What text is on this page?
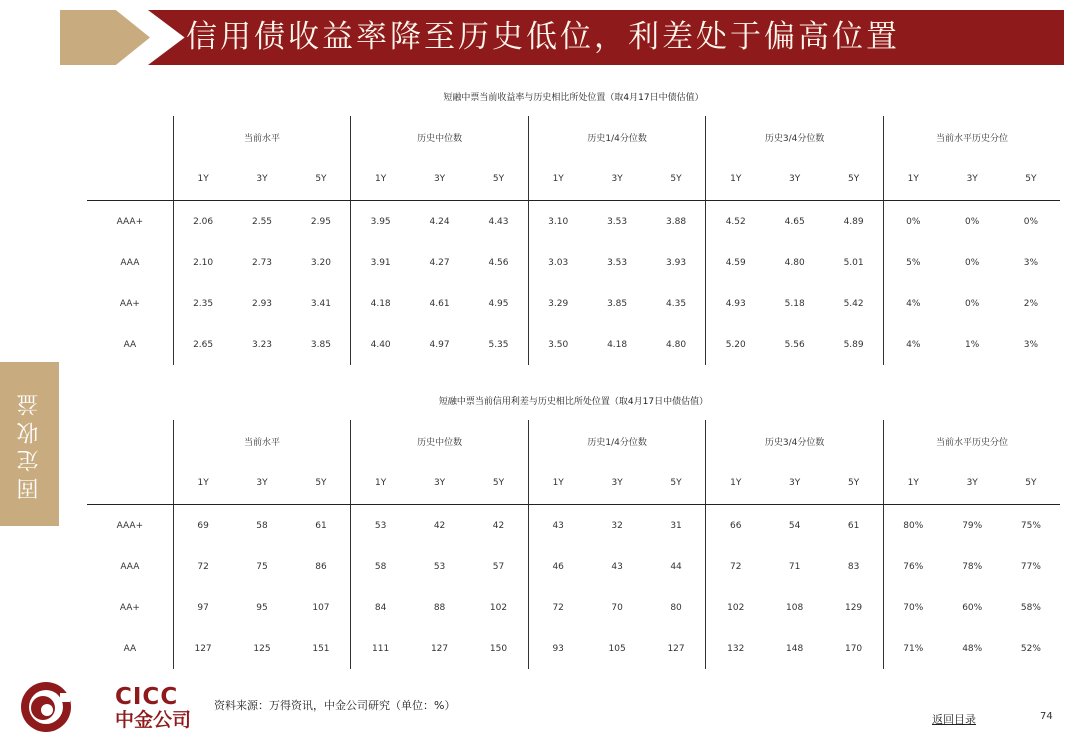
信用债收益率降至历史低位，利差处于偏高位置
固定收益
短融中票当前收益率与历史相比所处位置（取4月17日中债估值）
	当前水平			历史中位数			历史1/4分位数			历史3/4分位数			当前水平历史分位		
	1Y	3Y	5Y	1Y	3Y	5Y	1Y	3Y	5Y	1Y	3Y	5Y	1Y	3Y	5Y
AAA+	2.06	2.55	2.95	3.95	4.24	4.43	3.10	3.53	3.88	4.52	4.65	4.89	0%	0%	0%
AAA	2.10	2.73	3.20	3.91	4.27	4.56	3.03	3.53	3.93	4.59	4.80	5.01	5%	0%	3%
AA+	2.35	2.93	3.41	4.18	4.61	4.95	3.29	3.85	4.35	4.93	5.18	5.42	4%	0%	2%
AA	2.65	3.23	3.85	4.40	4.97	5.35	3.50	4.18	4.80	5.20	5.56	5.89	4%	1%	3%
短融中票当前信用利差与历史相比所处位置（取4月17日中债估值）
	当前水平			历史中位数			历史1/4分位数			历史3/4分位数			当前水平历史分位		
	1Y	3Y	5Y	1Y	3Y	5Y	1Y	3Y	5Y	1Y	3Y	5Y	1Y	3Y	5Y
AAA+	69	58	61	53	42	42	43	32	31	66	54	61	80%	79%	75%
AAA	72	75	86	58	53	57	46	43	44	72	71	83	76%	78%	77%
AA+	97	95	107	84	88	102	72	70	80	102	108	129	70%	60%	58%
AA	127	125	151	111	127	150	93	105	127	132	148	170	71%	48%	52%
CICC
中金公司
资料来源：万得资讯，中金公司研究（单位：%）
返回目录	74
